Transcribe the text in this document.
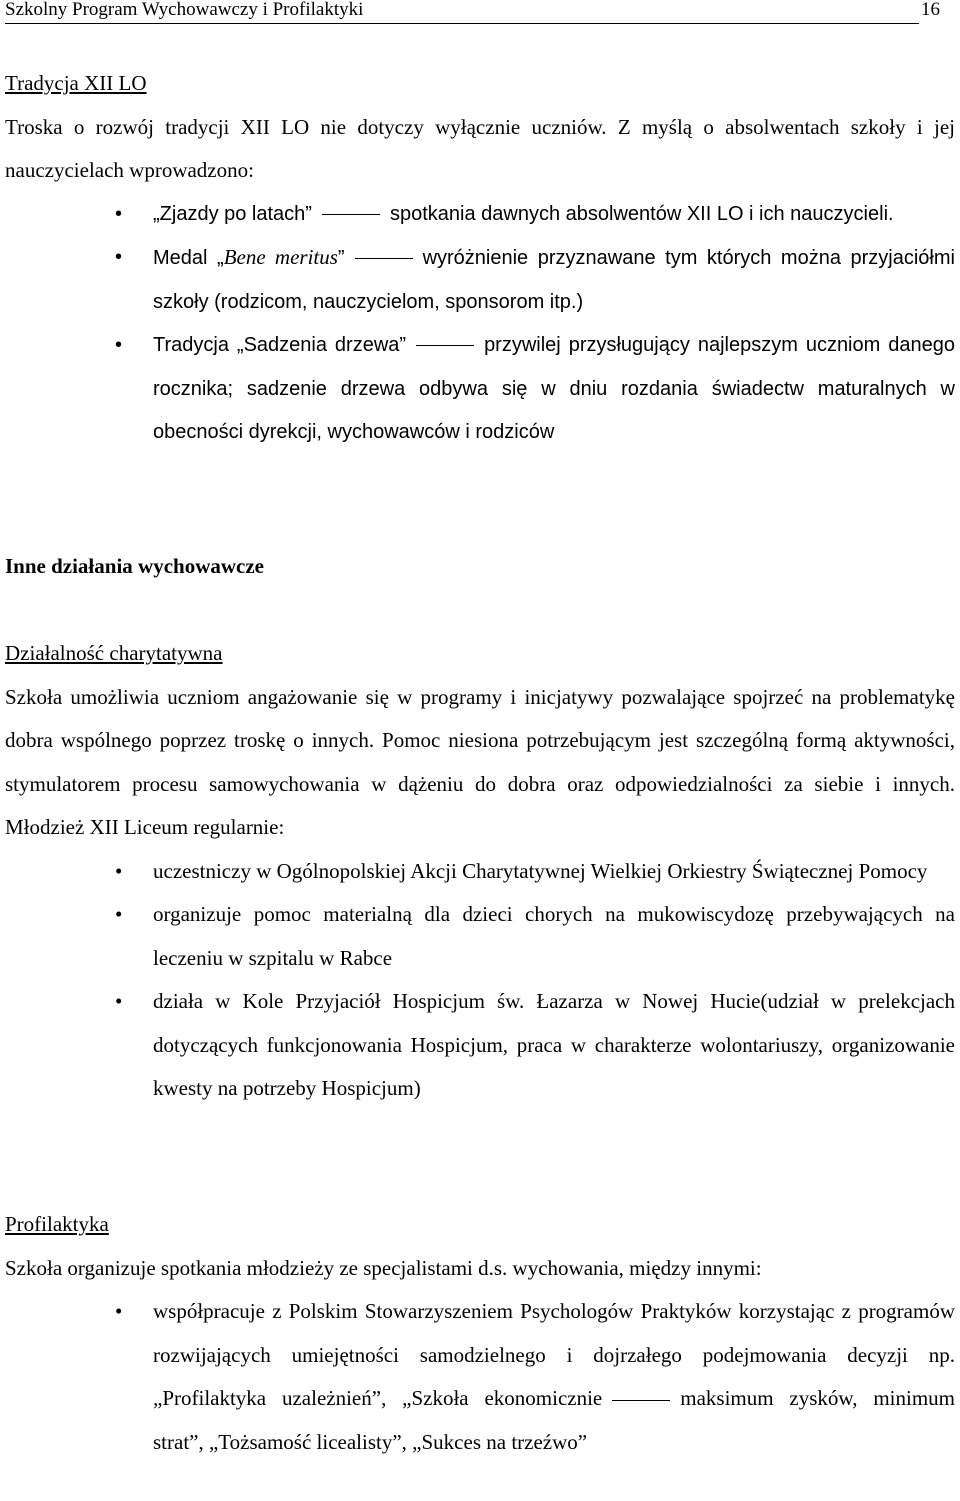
Szkolny Program Wychowawczy i Profilaktyki	16
Tradycja XII LO

Troska o rozwój tradycji XII LO nie dotyczy wyłącznie uczniów. Z myślą o absolwentach szkoły i jej nauczycielach wprowadzono:

• „Zjazdy po latach”	spotkania dawnych absolwentów XII LO i ich nauczycieli.
• Medal „Bene meritus”	wyróżnienie przyznawane tym których można przyjaciółmi szkoły (rodzicom, nauczycielom, sponsorom itp.)
• Tradycja „Sadzenia drzewa”	przywilej przysługujący najlepszym uczniom danego rocznika; sadzenie drzewa odbywa się w dniu rozdania świadectw maturalnych w obecności dyrekcji, wychowawców i rodziców
Inne działania wychowawcze
Działalność charytatywna

Szkoła umożliwia uczniom angażowanie się w programy i inicjatywy pozwalające spojrzeć na problematykę dobra wspólnego poprzez troskę o innych. Pomoc niesiona potrzebującym jest szczególną formą aktywności, stymulatorem procesu samowychowania w dążeniu do dobra oraz odpowiedzialności za siebie i innych. Młodzież XII Liceum regularnie:

• uczestniczy w Ogólnopolskiej Akcji Charytatywnej Wielkiej Orkiestry Świątecznej Pomocy
• organizuje pomoc materialną dla dzieci chorych na mukowiscydozę przebywających na leczeniu w szpitalu w Rabce
• działa w Kole Przyjaciół Hospicjum św. Łazarza w Nowej Hucie(udział w prelekcjach dotyczących funkcjonowania Hospicjum, praca w charakterze wolontariuszy, organizowanie kwesty na potrzeby Hospicjum)
Profilaktyka

Szkoła organizuje spotkania młodzieży ze specjalistami d.s. wychowania, między innymi:

• współpracuje z Polskim Stowarzyszeniem Psychologów Praktyków korzystając z programów rozwijających umiejętności samodzielnego i dojrzałego podejmowania decyzji np. „Profilaktyka uzależnień”, „Szkoła ekonomicznie	maksimum zysków, minimum strat”, „Tożsamość licealisty”, „Sukces na trzeźwo”
